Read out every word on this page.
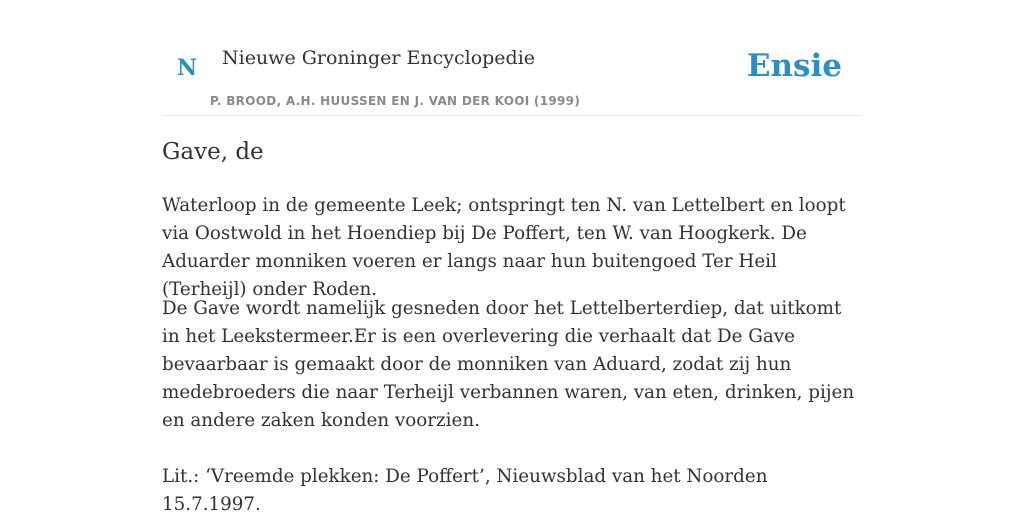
N Nieuwe Groninger Encyclopedie
P. BROOD, A.H. HUUSSEN EN J. VAN DER KOOI (1999)
Ensie
Gave, de

Waterloop in de gemeente Leek; ontspringt ten N. van Lettelbert en loopt via Oostwold in het Hoendiep bij De Poffert, ten W. van Hoogkerk. De Aduarder monniken voeren er langs naar hun buitengoed Ter Heil (Terheijl) onder Roden.

De Gave wordt namelijk gesneden door het Lettelberterdiep, dat uitkomt in het Leekstermeer.Er is een overlevering die verhaalt dat De Gave bevaarbaar is gemaakt door de monniken van Aduard, zodat zij hun medebroeders die naar Terheijl verbannen waren, van eten, drinken, pijen en andere zaken konden voorzien.

Lit.: ‘Vreemde plekken: De Poffert’, Nieuwsblad van het Noorden 15.7.1997.
